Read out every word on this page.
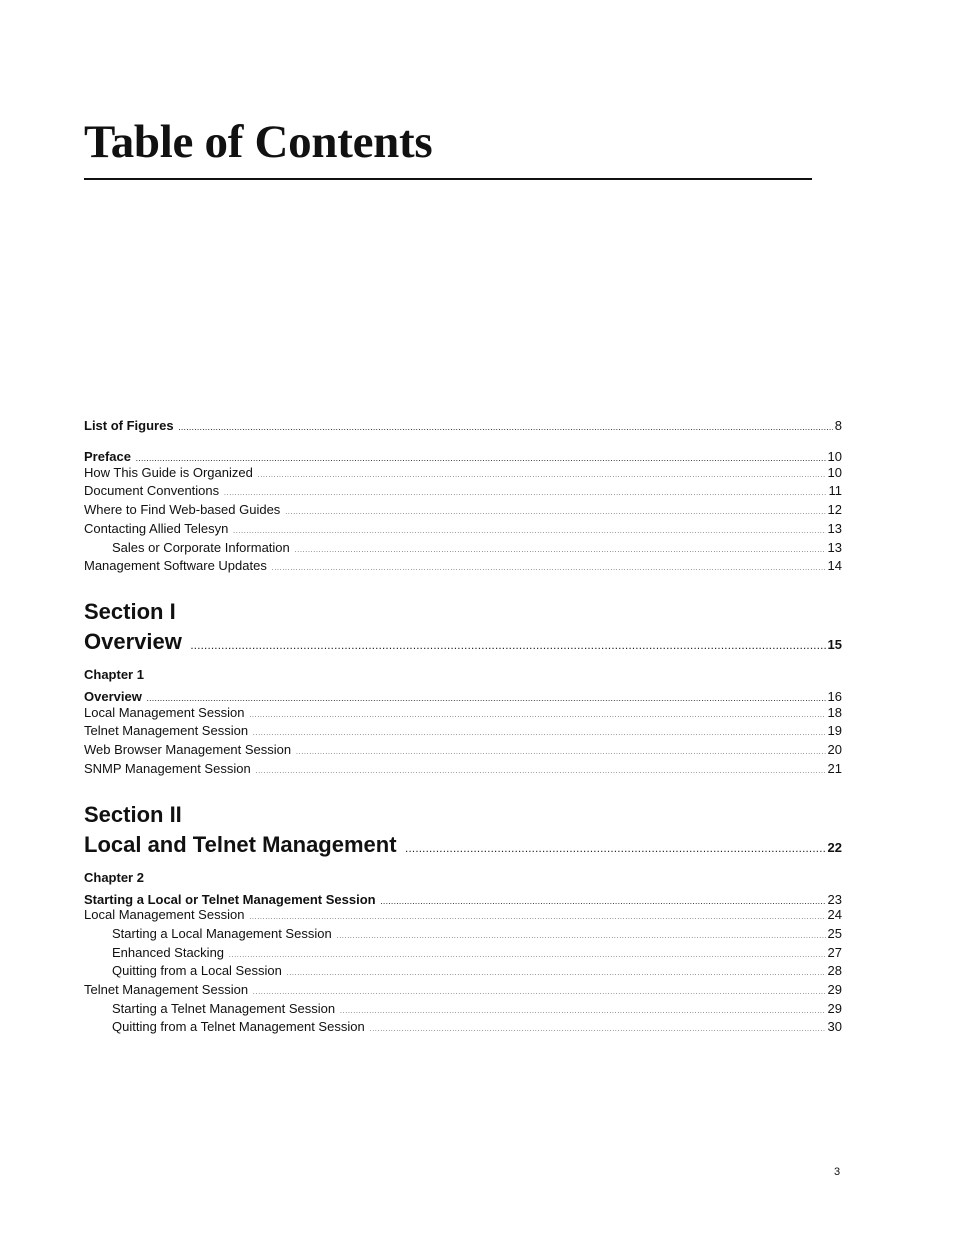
Table of Contents
List of Figures .....	8
Preface .....	10
How This Guide is Organized .....	10
Document Conventions .....	11
Where to Find Web-based Guides .....	12
Contacting Allied Telesyn .....	13
Sales or Corporate Information .....	13
Management Software Updates .....	14
Section I
Overview .....	15
Chapter 1
Overview .....	16
Local Management Session .....	18
Telnet Management Session .....	19
Web Browser Management Session .....	20
SNMP Management Session .....	21
Section II
Local and Telnet Management .....	22
Chapter 2
Starting a Local or Telnet Management Session .....	23
Local Management Session .....	24
Starting a Local Management Session .....	25
Enhanced Stacking .....	27
Quitting from a Local Session .....	28
Telnet Management Session .....	29
Starting a Telnet Management Session .....	29
Quitting from a Telnet Management Session .....	30
3
